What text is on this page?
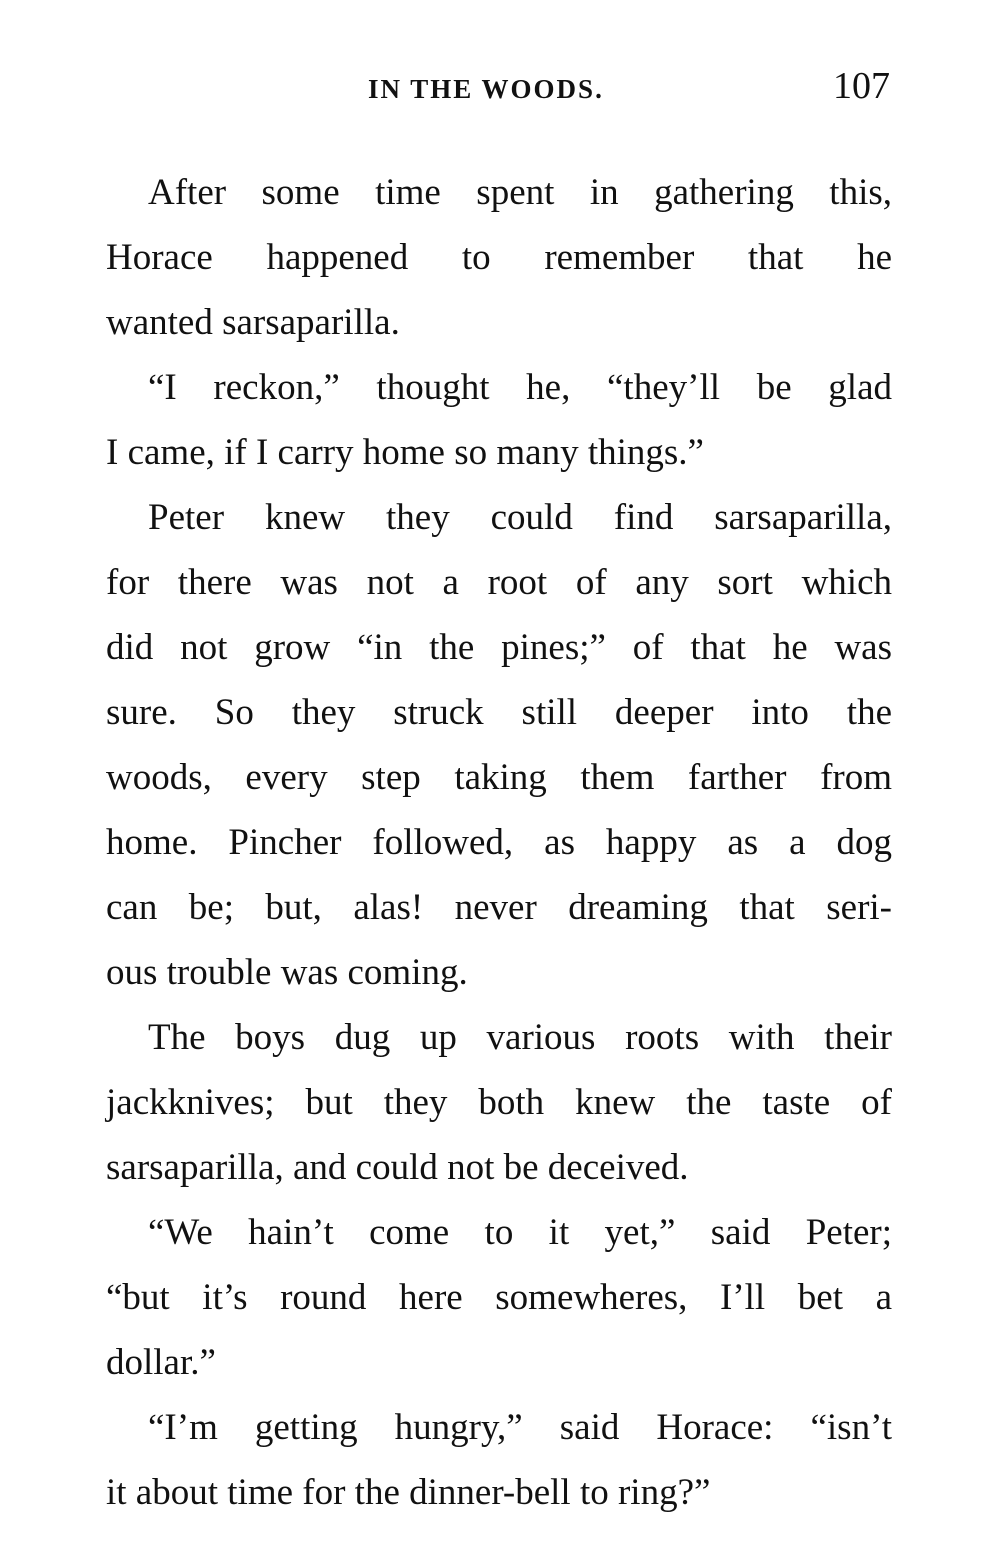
IN THE WOODS.	107

After some time spent in gathering this,
Horace happened to remember that he
wanted sarsaparilla.

“I reckon,” thought he, “they’ll be glad
I came, if I carry home so many things.”

Peter knew they could find sarsaparilla,
for there was not a root of any sort which
did not grow “in the pines;” of that he was
sure. So they struck still deeper into the
woods, every step taking them farther from
home. Pincher followed, as happy as a dog
can be; but, alas! never dreaming that seri-
ous trouble was coming.

The boys dug up various roots with their
jackknives; but they both knew the taste of
sarsaparilla, and could not be deceived.

“We hain’t come to it yet,” said Peter;
“but it’s round here somewheres, I’ll bet a
dollar.”

“I’m getting hungry,” said Horace: “isn’t
it about time for the dinner-bell to ring?”
